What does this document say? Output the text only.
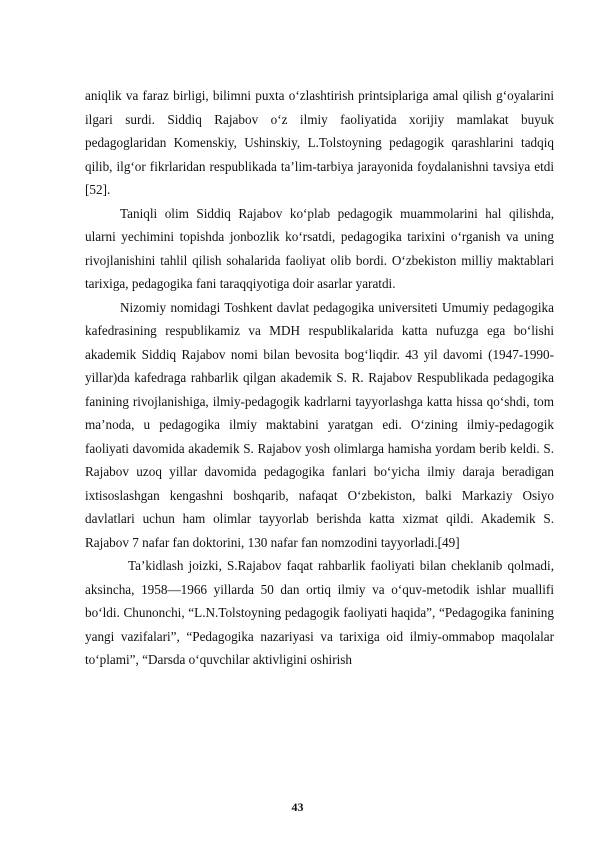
aniqlik va faraz birligi, bilimni puxta o‘zlashtirish printsiplariga amal qilish g‘oyalarini ilgari surdi. Siddiq Rajabov o‘z ilmiy faoliyatida xorijiy mamlakat buyuk pedagoglaridan Komenskiy, Ushinskiy, L.Tolstoyning pedagogik qarashlarini tadqiq qilib, ilg‘or fikrlaridan respublikada ta’lim-tarbiya jarayonida foydalanishni tavsiya etdi [52].

Taniqli olim Siddiq Rajabov ko‘plab pedagogik muammolarini hal qilishda, ularni yechimini topishda jonbozlik ko‘rsatdi, pedagogika tarixini o‘rganish va uning rivojlanishini tahlil qilish sohalarida faoliyat olib bordi. O‘zbekiston milliy maktablari tarixiga, pedagogika fani taraqqiyotiga doir asarlar yaratdi.

Nizomiy nomidagi Toshkent davlat pedagogika universiteti Umumiy pedagogika kafedrasining respublikamiz va MDH respublikalarida katta nufuzga ega bo‘lishi akademik Siddiq Rajabov nomi bilan bevosita bog‘liqdir. 43 yil davomi (1947-1990-yillar)da kafedraga rahbarlik qilgan akademik S. R. Rajabov Respublikada pedagogika fanining rivojlanishiga, ilmiy-pedagogik kadrlarni tayyorlashga katta hissa qo‘shdi, tom ma’noda, u pedagogika ilmiy maktabini yaratgan edi. O‘zining ilmiy-pedagogik faoliyati davomida akademik S. Rajabov yosh olimlarga hamisha yordam berib keldi. S. Rajabov uzoq yillar davomida pedagogika fanlari bo‘yicha ilmiy daraja beradigan ixtisoslashgan kengashni boshqarib, nafaqat O‘zbekiston, balki Markaziy Osiyo davlatlari uchun ham olimlar tayyorlab berishda katta xizmat qildi. Akademik S. Rajabov 7 nafar fan doktorini, 130 nafar fan nomzodini tayyorladi.[49]

Ta’kidlash joizki, S.Rajabov faqat rahbarlik faoliyati bilan cheklanib qolmadi, aksincha, 1958—1966 yillarda 50 dan ortiq ilmiy va o‘quv-metodik ishlar muallifi bo‘ldi. Chunonchi, “L.N.Tolstoyning pedagogik faoliyati haqida”, “Pedagogika fanining yangi vazifalari”, “Pedagogika nazariyasi va tarixiga oid ilmiy-ommabop maqolalar to‘plami”, “Darsda o‘quvchilar aktivligini oshirish

43
